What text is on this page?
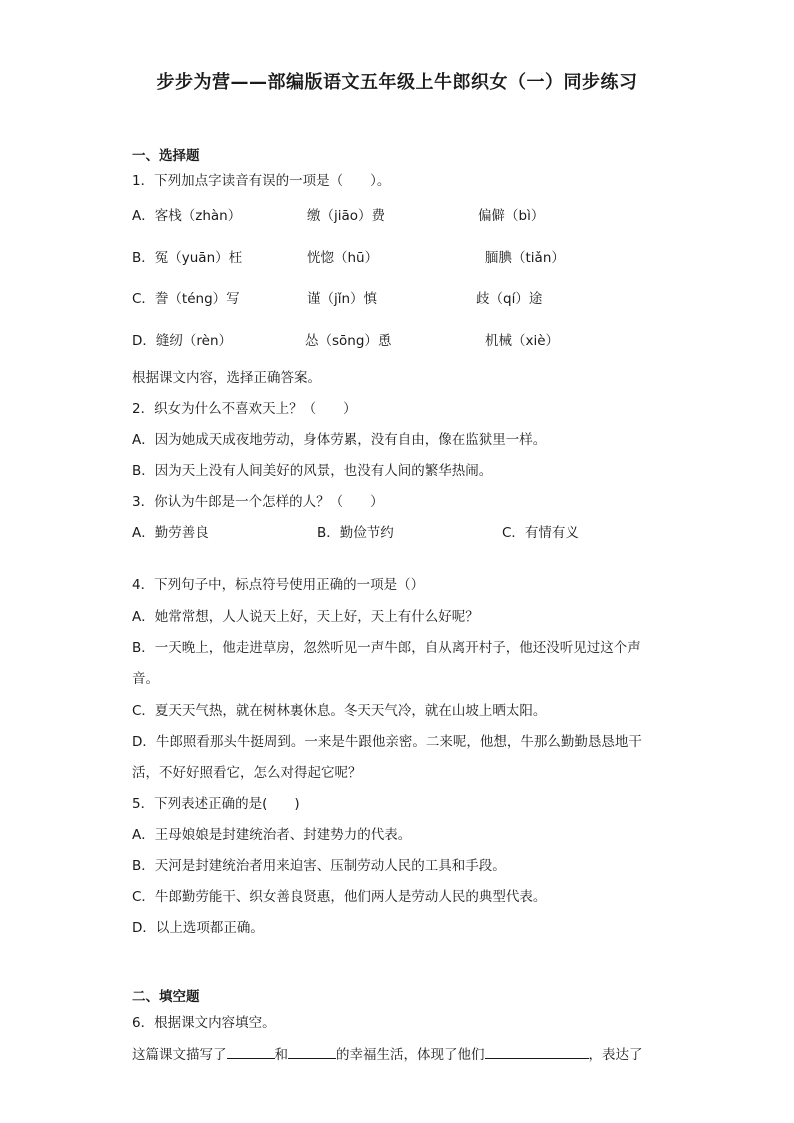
步步为营——部编版语文五年级上牛郎织女（一）同步练习
一、选择题
1．下列加点字读音有误的一项是（　　）。
A．客栈（zhàn）	缴（jiāo）费	偏僻（bì）
B．冤（yuān）枉	恍惚（hū）	腼腆（tiǎn）
C．誊（téng）写	谨（jǐn）慎	歧（qí）途
D．缝纫（rèn）	怂（sōng）恿	机械（xiè）
根据课文内容，选择正确答案。
2．织女为什么不喜欢天上？（　　）
A．因为她成天成夜地劳动，身体劳累，没有自由，像在监狱里一样。
B．因为天上没有人间美好的风景，也没有人间的繁华热闹。
3．你认为牛郎是一个怎样的人？（　　）
A．勤劳善良	B．勤俭节约	C．有情有义
4．下列句子中，标点符号使用正确的一项是（）
A．她常常想，人人说天上好，天上好，天上有什么好呢？
B．一天晚上，他走进草房，忽然听见一声牛郎，自从离开村子，他还没听见过这个声
音。
C．夏天天气热，就在树林裏休息。冬天天气冷，就在山坡上晒太阳。
D．牛郎照看那头牛挺周到。一来是牛跟他亲密。二来呢，他想，牛那么勤勤恳恳地干
活，不好好照看它，怎么对得起它呢？
5．下列表述正确的是(　　)
A．王母娘娘是封建统治者、封建势力的代表。
B．天河是封建统治者用来迫害、压制劳动人民的工具和手段。
C．牛郎勤劳能干、织女善良贤惠，他们两人是劳动人民的典型代表。
D．以上选项都正确。
二、填空题
6．根据课文内容填空。
这篇课文描写了	和	的幸福生活，体现了他们	，表达了
